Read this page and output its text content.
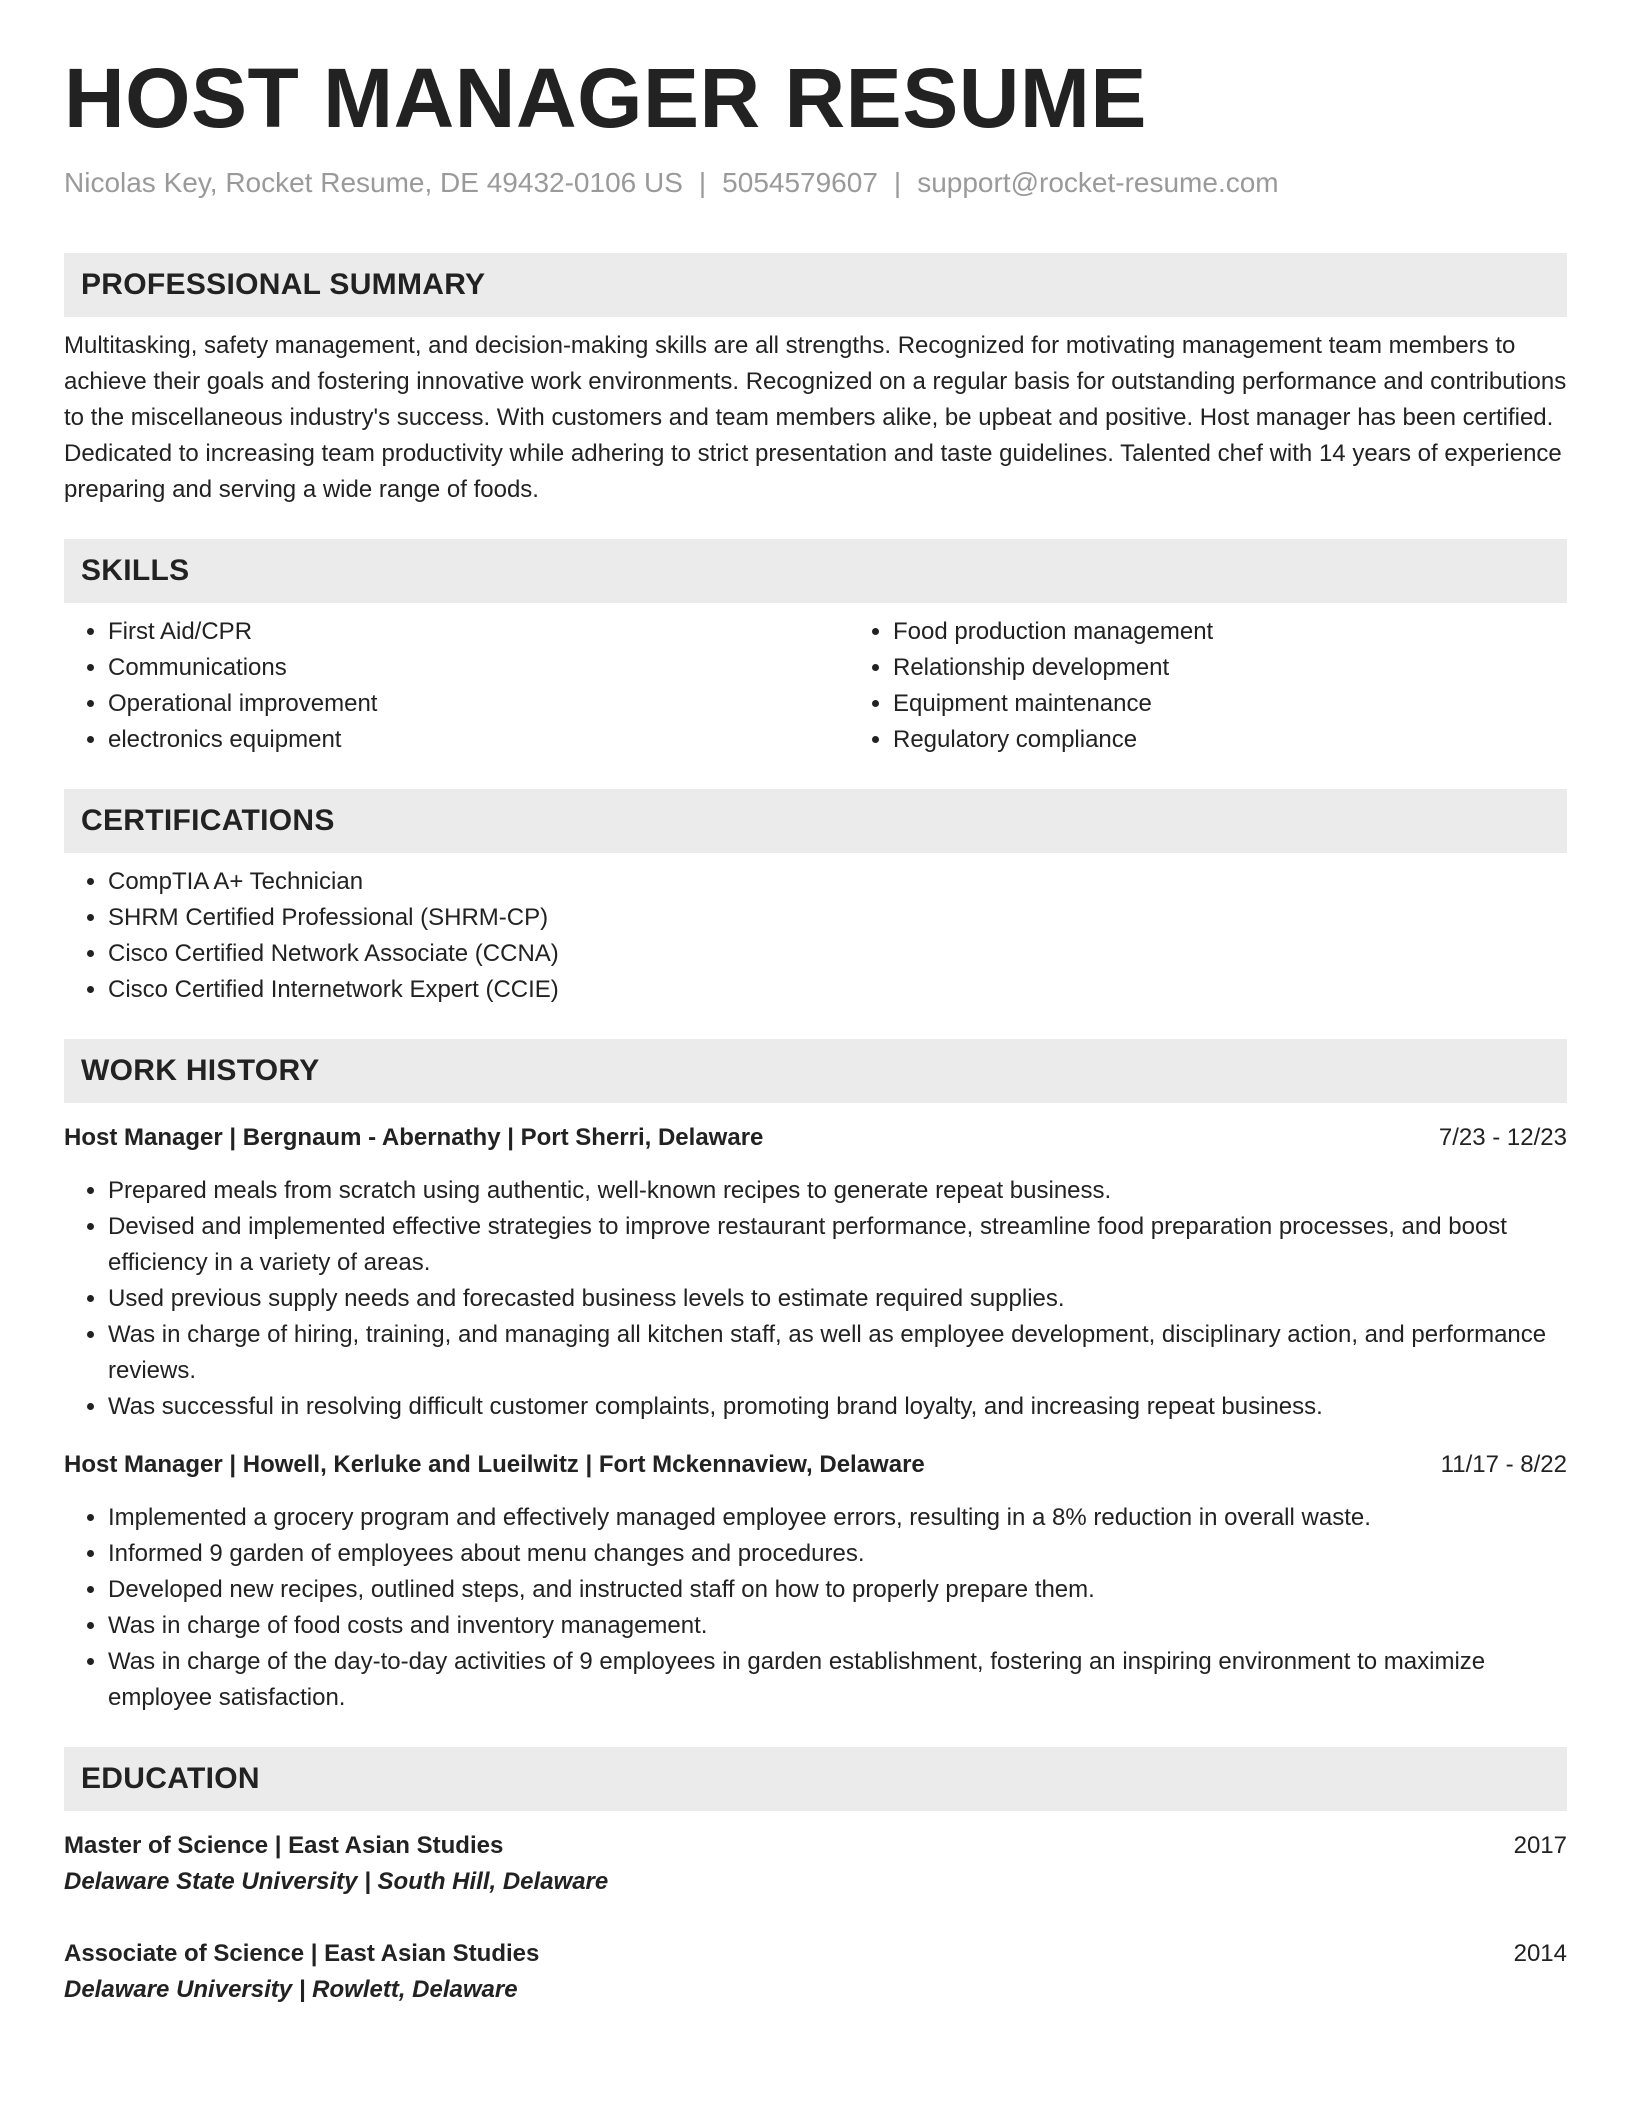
HOST MANAGER RESUME
Nicolas Key, Rocket Resume, DE 49432-0106 US | 5054579607 | support@rocket-resume.com
PROFESSIONAL SUMMARY

Multitasking, safety management, and decision-making skills are all strengths. Recognized for motivating management team members to achieve their goals and fostering innovative work environments. Recognized on a regular basis for outstanding performance and contributions to the miscellaneous industry's success. With customers and team members alike, be upbeat and positive. Host manager has been certified. Dedicated to increasing team productivity while adhering to strict presentation and taste guidelines. Talented chef with 14 years of experience preparing and serving a wide range of foods.

SKILLS
• First Aid/CPR
• Communications
• Operational improvement
• electronics equipment
• Food production management
• Relationship development
• Equipment maintenance
• Regulatory compliance
CERTIFICATIONS
• CompTIA A+ Technician
• SHRM Certified Professional (SHRM-CP)
• Cisco Certified Network Associate (CCNA)
• Cisco Certified Internetwork Expert (CCIE)
WORK HISTORY
Host Manager | Bergnaum - Abernathy | Port Sherri, Delaware	7/23 - 12/23
• Prepared meals from scratch using authentic, well-known recipes to generate repeat business.
• Devised and implemented effective strategies to improve restaurant performance, streamline food preparation processes, and boost efficiency in a variety of areas.
• Used previous supply needs and forecasted business levels to estimate required supplies.
• Was in charge of hiring, training, and managing all kitchen staff, as well as employee development, disciplinary action, and performance reviews.
• Was successful in resolving difficult customer complaints, promoting brand loyalty, and increasing repeat business.
Host Manager | Howell, Kerluke and Lueilwitz | Fort Mckennaview, Delaware	11/17 - 8/22
• Implemented a grocery program and effectively managed employee errors, resulting in a 8% reduction in overall waste.
• Informed 9 garden of employees about menu changes and procedures.
• Developed new recipes, outlined steps, and instructed staff on how to properly prepare them.
• Was in charge of food costs and inventory management.
• Was in charge of the day-to-day activities of 9 employees in garden establishment, fostering an inspiring environment to maximize employee satisfaction.
EDUCATION
Master of Science | East Asian Studies	2017
Delaware State University | South Hill, Delaware
Associate of Science | East Asian Studies	2014
Delaware University | Rowlett, Delaware
